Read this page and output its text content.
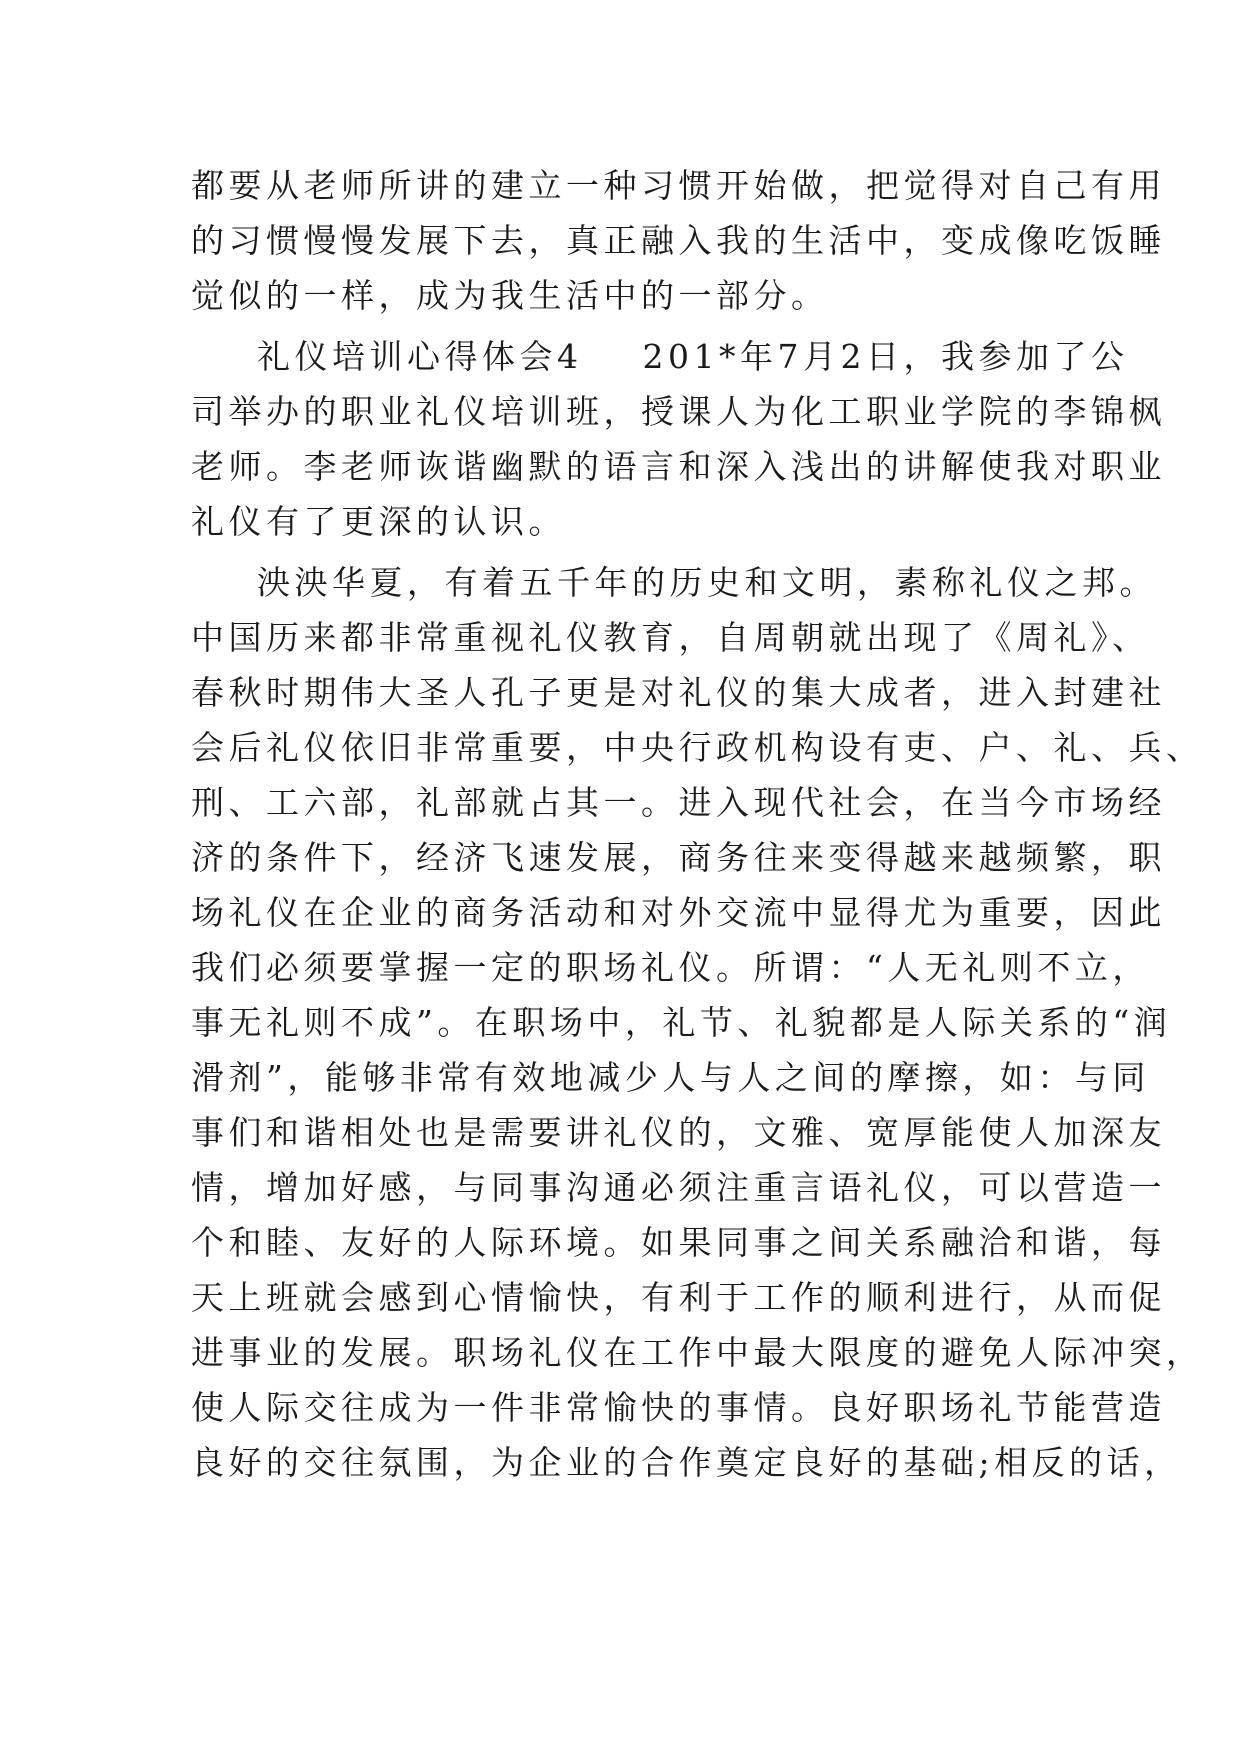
都要从老师所讲的建立一种习惯开始做，把觉得对自己有用
的习惯慢慢发展下去，真正融入我的生活中，变成像吃饭睡
觉似的一样，成为我生活中的一部分。
礼仪培训心得体会4 201*年7月2日，我参加了公
司举办的职业礼仪培训班，授课人为化工职业学院的李锦枫
老师。李老师诙谐幽默的语言和深入浅出的讲解使我对职业
礼仪有了更深的认识。
泱泱华夏，有着五千年的历史和文明，素称礼仪之邦。
中国历来都非常重视礼仪教育，自周朝就出现了《周礼》、
春秋时期伟大圣人孔子更是对礼仪的集大成者，进入封建社
会后礼仪依旧非常重要，中央行政机构设有吏、户、礼、兵、
刑、工六部，礼部就占其一。进入现代社会，在当今市场经
济的条件下，经济飞速发展，商务往来变得越来越频繁，职
场礼仪在企业的商务活动和对外交流中显得尤为重要，因此
我们必须要掌握一定的职场礼仪。所谓：“人无礼则不立，
事无礼则不成”。在职场中，礼节、礼貌都是人际关系的“润
滑剂”，能够非常有效地减少人与人之间的摩擦，如：与同
事们和谐相处也是需要讲礼仪的，文雅、宽厚能使人加深友
情，增加好感，与同事沟通必须注重言语礼仪，可以营造一
个和睦、友好的人际环境。如果同事之间关系融洽和谐，每
天上班就会感到心情愉快，有利于工作的顺利进行，从而促
进事业的发展。职场礼仪在工作中最大限度的避免人际冲突，
使人际交往成为一件非常愉快的事情。良好职场礼节能营造
良好的交往氛围，为企业的合作奠定良好的基础;相反的话，
